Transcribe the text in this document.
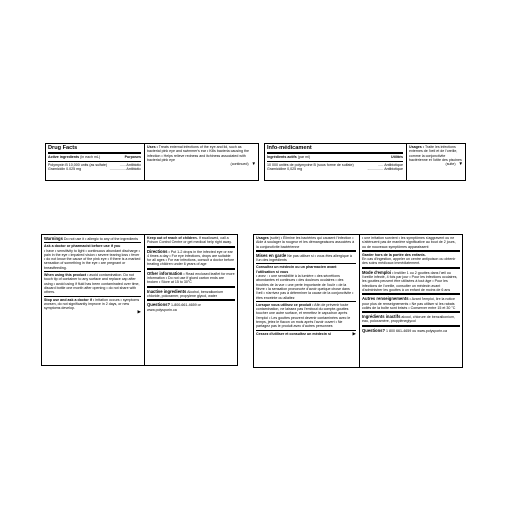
Drug Facts
Active ingredients (in each mL)	Purposes
Polymyxin B 10,000 units (as sulfate)	...... Antibiotic
Gramicidin 0.025 mg	................ Antibiotic
Uses • Treats external infections of the eye and lid, such as bacterial pink eye and swimmer's ear • Kills bacteria causing the infection • Helps relieve redness and itchiness associated with bacterial pink eye
(continued) ▼
Info-médicament
Ingrédients actifs (par ml)	Utilités
10 000 unités de polymyxine B (sous forme de sulfate)	..... Antibiotique
Gramicidine 0,025 mg	................ Antibiotique
Usages • Traite les infections externes de l'œil et de l'oreille, comme la conjonctivite bactérienne et l'otite des piscines
(suite) ▼
Warnings Do not use it • allergic to any of the ingredients
Ask a doctor or pharmacist before use if you
• have • sensitivity to light • continuous abundant discharge • pain in the eye • impaired vision • severe tearing loss • fever • do not know the cause of the pink eye • if there is a marked sensation of something in the eye • are pregnant or breastfeeding.
When using this product • avoid contamination. Do not touch tip of container to any surface and replace cap after using • avoid using if fluid has been contaminated over time, discard bottle one month after opening • do not share with others.
Stop use and ask a doctor if • irritation occurs • symptoms worsen, do not significantly improve in 2 days, or new symptoms develop.
▶
Keep out of reach of children. If swallowed, call a Poison Control Centre or get medical help right away.
Directions • Put 1-2 drops in the infected eye or ear 4 times a day • For eye infections, drops are suitable for all ages • For ear infections, consult a doctor before treating children under 6 years of age
Other information • Read enclosed leaflet for more information • Do not use if glued carton ends are broken • Store at 15 to 30°C
Inactive ingredients Alcohol, benzalkonium chloride, poloxamer, propylene glycol, water
Questions? 1-800-661-4659 or
www.polysporin.ca
Usages (suite) • Élimine les bactéries qui causent l'infection • Aide à soulager la rougeur et les démangeaisons associées à la conjonctivite bactérienne
Mises en garde Ne pas utiliser si • vous êtes allergique à l'un des ingrédients
Consultez un médecin ou un pharmacien avant l'utilisation si vous
• avez : • une sensibilité à la lumière • des sécrétions abondantes et continues • des douleurs oculaires • des troubles de la vue • une perte importante de l'ouïe • de la fièvre • la sensation prononcée d'avoir quelque chose dans l'œil • n'arrivez pas à déterminer la cause de la conjonctivite • êtes enceinte ou allaitez
Lorsque vous utilisez ce produit • Afin de prévenir toute contamination, ne laissez pas l'embout du compte-gouttes toucher une autre surface, et remettez le capuchon après l'emploi • Les gouttes peuvent devenir contaminées avec le temps, jetez le flacon un mois après l'avoir ouvert • Ne partagez pas le produit avec d'autres personnes
Cessez d'utiliser et consultez un médecin si	▶
• une irritation survient • les symptômes s'aggravent ou ne s'atténuent pas de manière significative au bout de 2 jours, ou de nouveaux symptômes apparaissent
Garder hors de la portée des enfants.
En cas d'ingestion, appeler un centre antipoison ou obtenir des soins médicaux immédiatement.
Mode d'emploi • Instiller 1 ou 2 gouttes dans l'œil ou l'oreille infecté, 4 fois par jour • Pour les infections oculaires, les gouttes peuvent être utilisées à tout âge • Pour les infections de l'oreille, consulter un médecin avant d'administrer les gouttes à un enfant de moins de 6 ans
Autres renseignements • Avant l'emploi, lire la notice pour plus de renseignements • Ne pas utiliser si les rabats collés de la boîte sont brisés • Conserver entre 15 et 30 °C
Ingrédients inactifs alcool, chlorure de benzalkonium, eau, poloxamère, propylèneglycol
Questions? 1 800 661-4659 ou www.polysporin.ca
